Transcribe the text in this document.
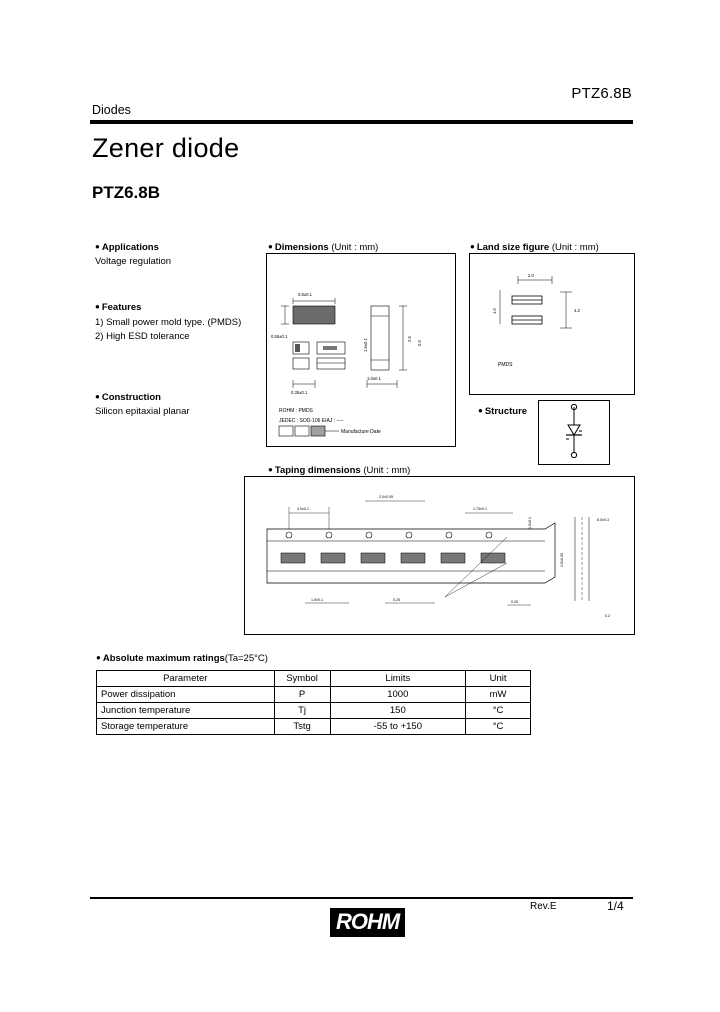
PTZ6.8B
Diodes
Zener diode
PTZ6.8B
● Applications
Voltage regulation
● Features
1) Small power mold type. (PMDS)
2) High ESD tolerance
● Construction
Silicon epitaxial planar
● Dimensions (Unit : mm)	● Land size figure (Unit : mm)
● Structure
● Taping dimensions (Unit : mm)
0.8±0.1
0.55±0.1
1.6±0.1	2.5
0.5
0.35±0.1
1.0±0.1
ROHM : PMDS
JEDEC : SOD-106 EIAJ : ----
Manufacture Date
2.0
1.0	4.2
PMDS
4.0±0.1
2.0±0.05
1.75±0.1
8.0±0.3
3.5±0.05
0.2
1.5±0.1	0.25	0.25
1.5±0.1
● Absolute maximum ratings(Ta=25°C)
Parameter	Symbol	Limits	Unit
Power dissipation	P	1000	mW
Junction temperature	Tj	150	°C
Storage temperature	Tstg	-55 to +150	°C
Rev.E	1/4
ROHM
